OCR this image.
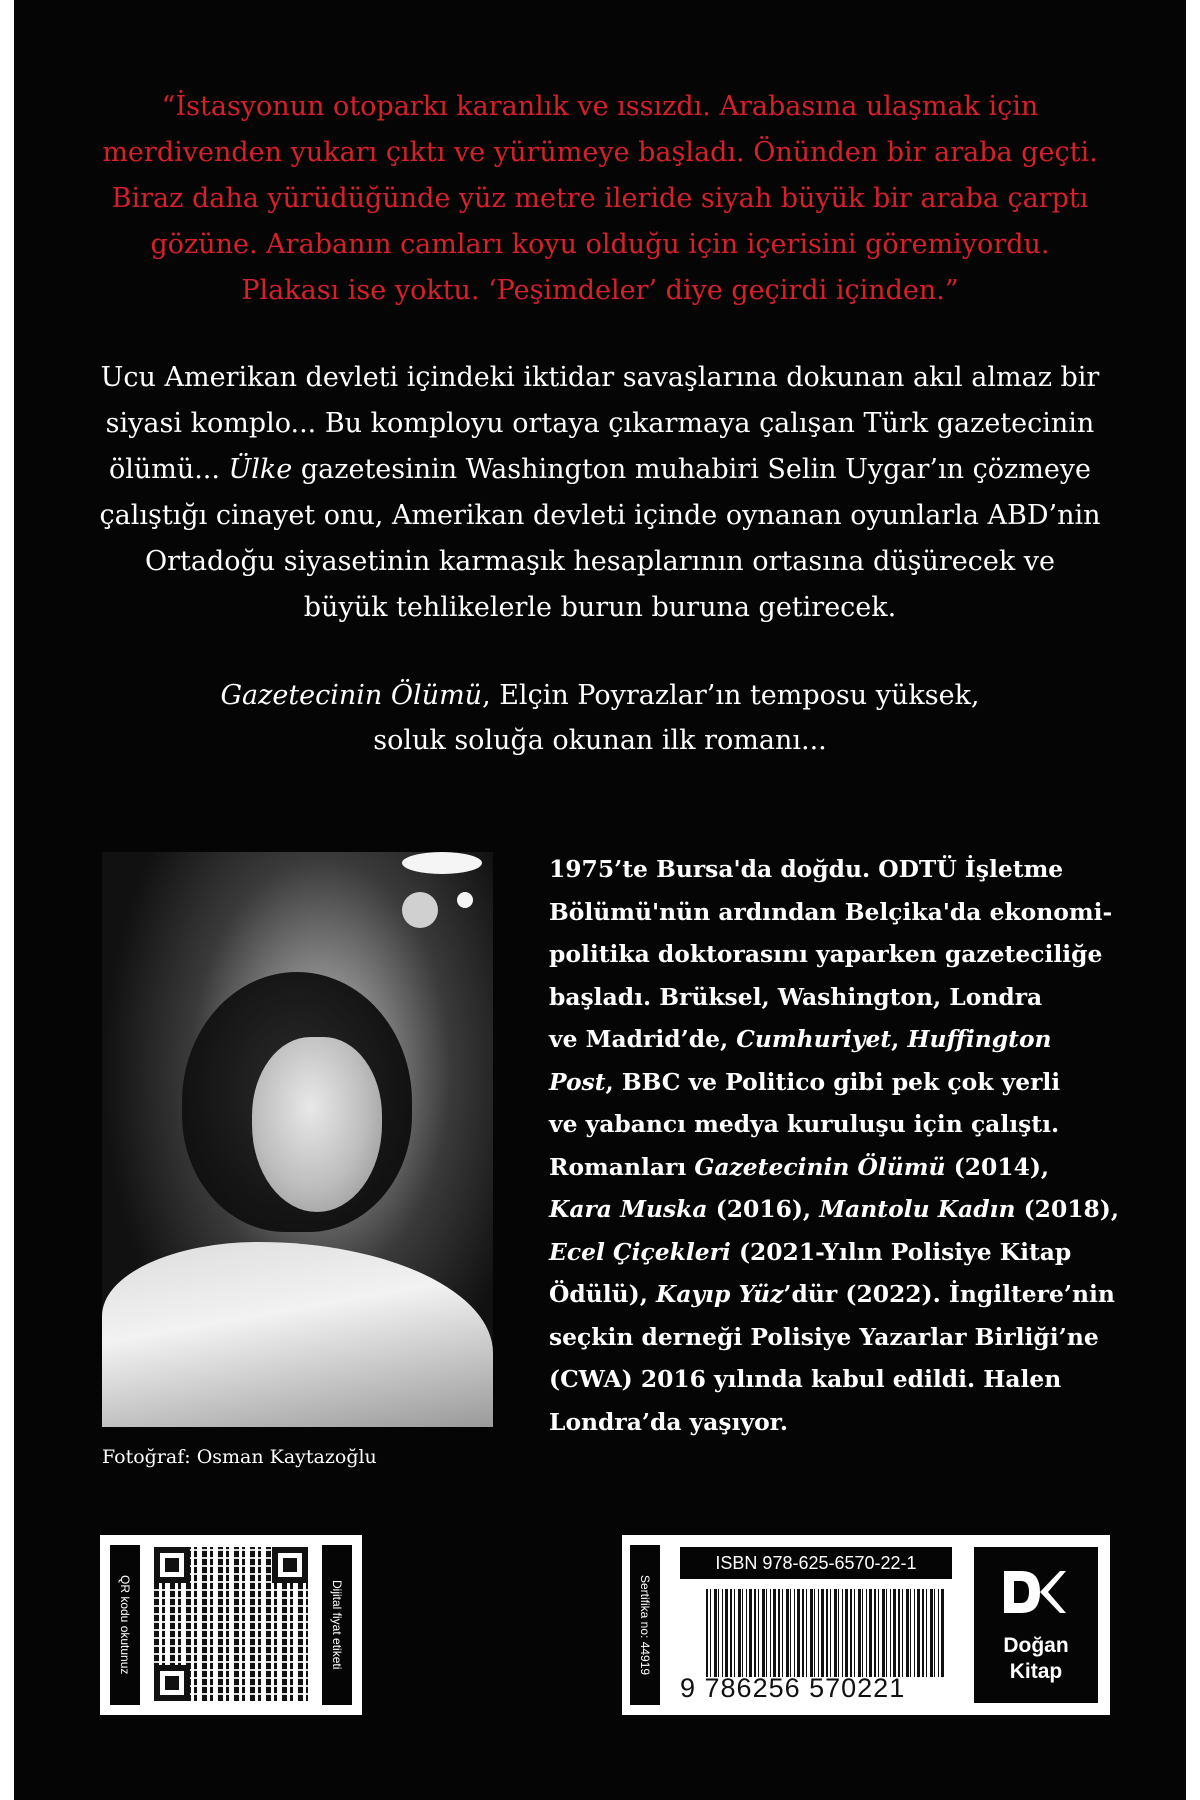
“İstasyonun otoparkı karanlık ve ıssızdı. Arabasına ulaşmak için

merdivenden yukarı çıktı ve yürümeye başladı. Önünden bir araba geçti.

Biraz daha yürüdüğünde yüz metre ileride siyah büyük bir araba çarptı

gözüne. Arabanın camları koyu olduğu için içerisini göremiyordu.

Plakası ise yoktu. ‘Peşimdeler’ diye geçirdi içinden.”

Ucu Amerikan devleti içindeki iktidar savaşlarına dokunan akıl almaz bir

siyasi komplo... Bu komployu ortaya çıkarmaya çalışan Türk gazetecinin

ölümü... Ülke gazetesinin Washington muhabiri Selin Uygar’ın çözmeye

çalıştığı cinayet onu, Amerikan devleti içinde oynanan oyunlarla ABD’nin

Ortadoğu siyasetinin karmaşık hesaplarının ortasına düşürecek ve

büyük tehlikelerle burun buruna getirecek.

Gazetecinin Ölümü, Elçin Poyrazlar’ın temposu yüksek,

soluk soluğa okunan ilk romanı...

Fotoğraf: Osman Kaytazoğlu

1975’te Bursa'da doğdu. ODTÜ İşletme

Bölümü'nün ardından Belçika'da ekonomi-

politika doktorasını yaparken gazeteciliğe

başladı. Brüksel, Washington, Londra

ve Madrid’de, Cumhuriyet, Huffington

Post, BBC ve Politico gibi pek çok yerli

ve yabancı medya kuruluşu için çalıştı.

Romanları Gazetecinin Ölümü (2014),

Kara Muska (2016), Mantolu Kadın (2018),

Ecel Çiçekleri (2021-Yılın Polisiye Kitap

Ödülü), Kayıp Yüz’dür (2022). İngiltere’nin

seçkin derneği Polisiye Yazarlar Birliği’ne

(CWA) 2016 yılında kabul edildi. Halen

Londra’da yaşıyor.

QR kodu okutunuz	Dijital fiyat etiketi	Sertifika no: 44919
ISBN 978-625-6570-22-1
9 786256 570221
Doğan
Kitap
